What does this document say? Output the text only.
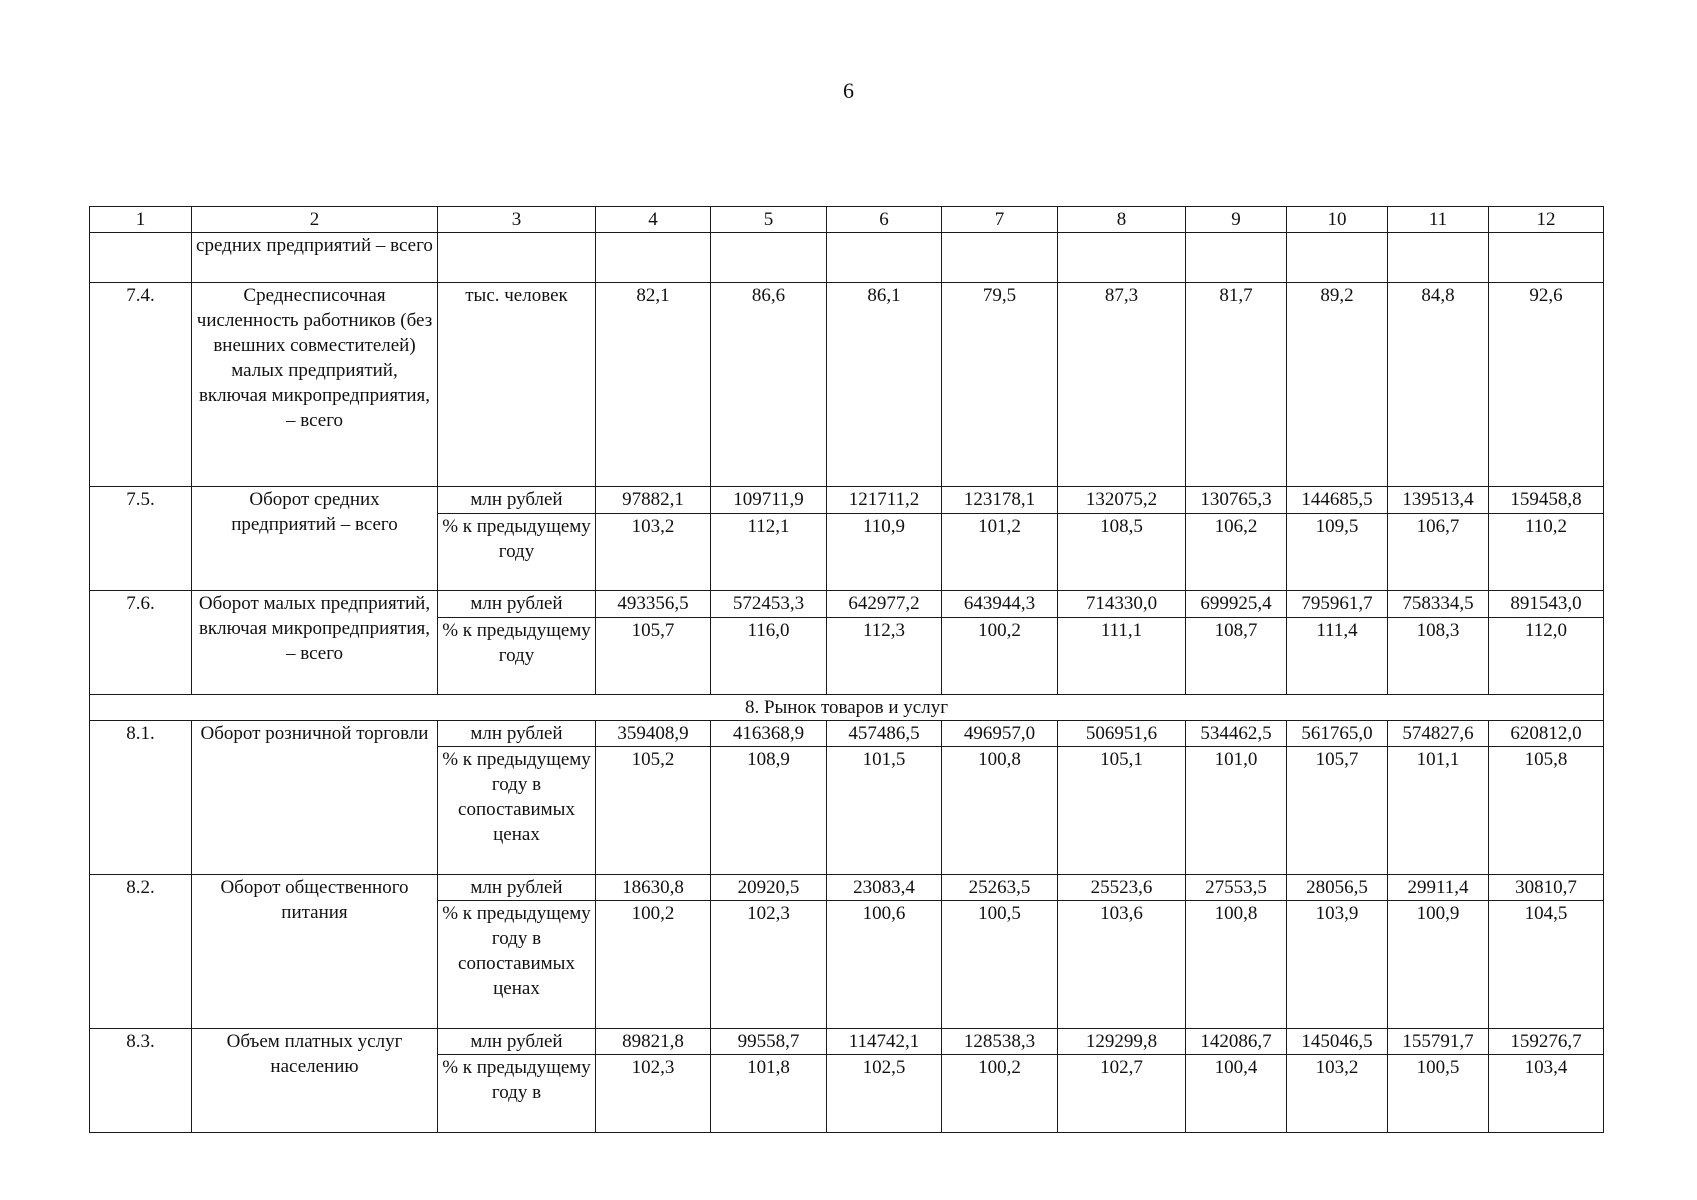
6
1	2	3	4	5	6	7	8	9	10	11	12
	средних предприятий – всего										
7.4.	Среднесписочная численность работников (без внешних совместителей) малых предприятий, включая микропредприятия, – всего	тыс. человек	82,1	86,6	86,1	79,5	87,3	81,7	89,2	84,8	92,6
7.5.	Оборот средних предприятий – всего	млн рублей	97882,1	109711,9	121711,2	123178,1	132075,2	130765,3	144685,5	139513,4	159458,8
		% к предыдущему году	103,2	112,1	110,9	101,2	108,5	106,2	109,5	106,7	110,2
7.6.	Оборот малых предприятий, включая микропредприятия, – всего	млн рублей	493356,5	572453,3	642977,2	643944,3	714330,0	699925,4	795961,7	758334,5	891543,0
		% к предыдущему году	105,7	116,0	112,3	100,2	111,1	108,7	111,4	108,3	112,0
8. Рынок товаров и услуг											
8.1.	Оборот розничной торговли	млн рублей	359408,9	416368,9	457486,5	496957,0	506951,6	534462,5	561765,0	574827,6	620812,0
		% к предыдущему году в сопоставимых ценах	105,2	108,9	101,5	100,8	105,1	101,0	105,7	101,1	105,8
8.2.	Оборот общественного питания	млн рублей	18630,8	20920,5	23083,4	25263,5	25523,6	27553,5	28056,5	29911,4	30810,7
		% к предыдущему году в сопоставимых ценах	100,2	102,3	100,6	100,5	103,6	100,8	103,9	100,9	104,5
8.3.	Объем платных услуг населению	млн рублей	89821,8	99558,7	114742,1	128538,3	129299,8	142086,7	145046,5	155791,7	159276,7
		% к предыдущему году в	102,3	101,8	102,5	100,2	102,7	100,4	103,2	100,5	103,4
